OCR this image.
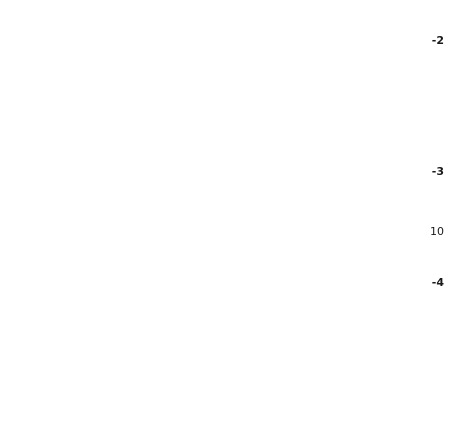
2-
3-
10
4-
